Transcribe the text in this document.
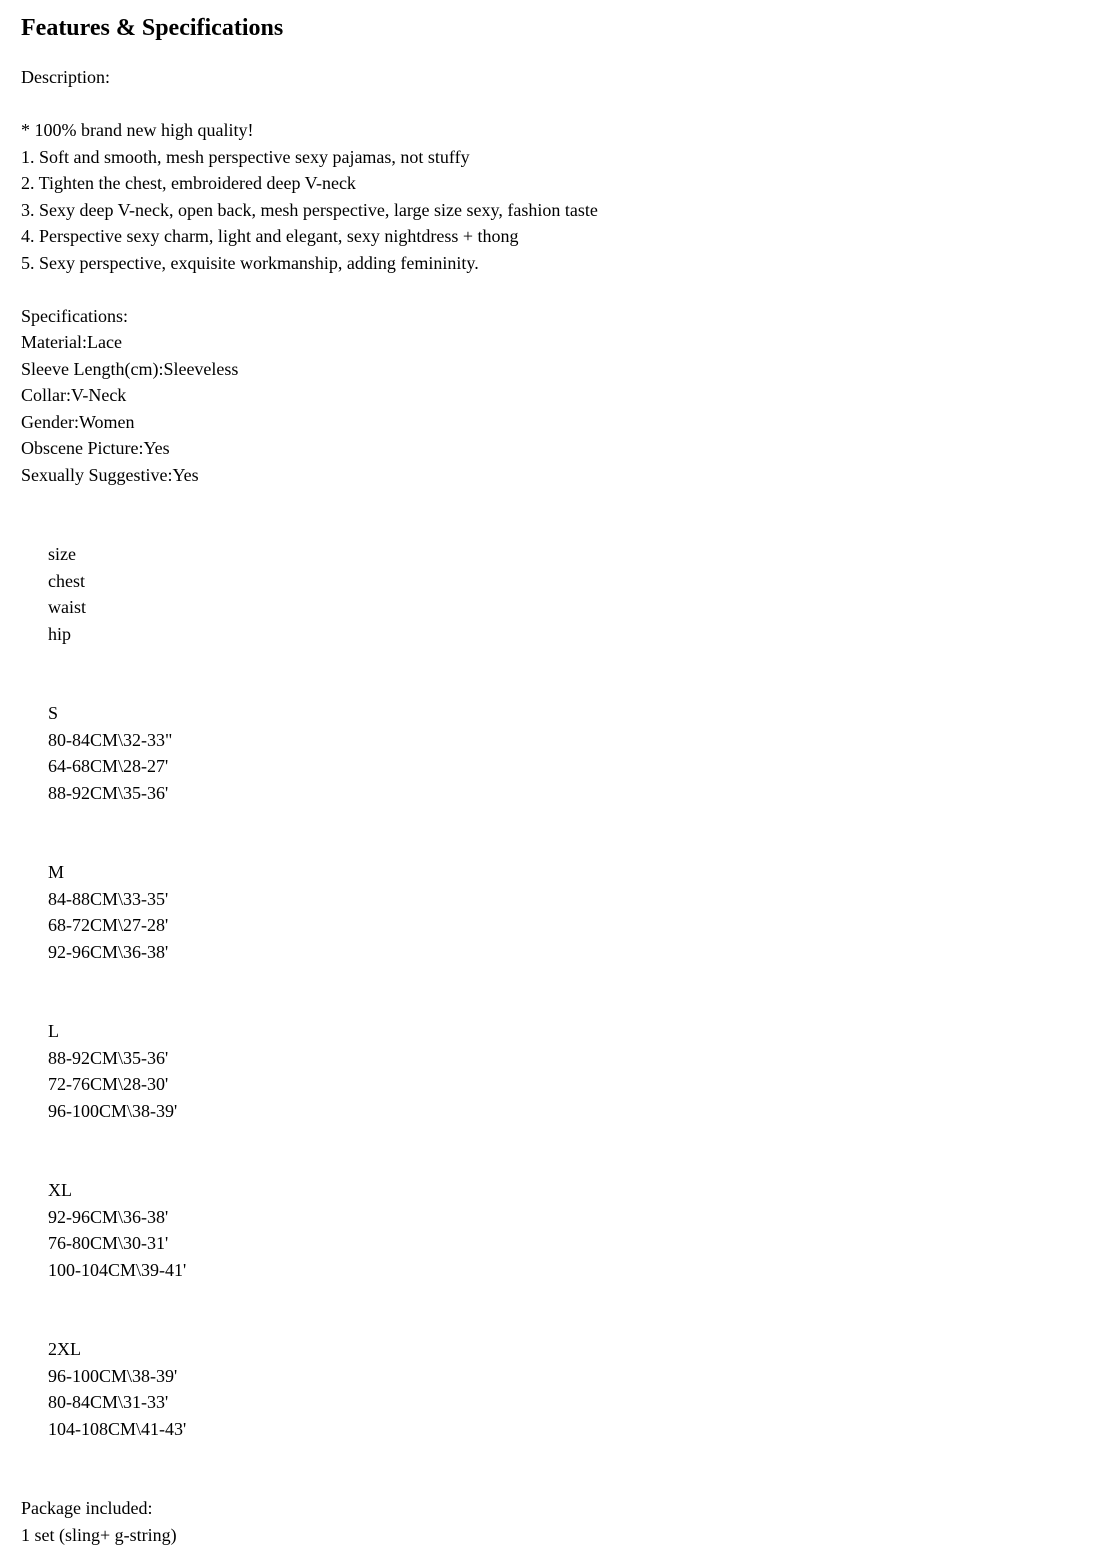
Features & Specifications
Description:
* 100% brand new high quality!
1. Soft and smooth, mesh perspective sexy pajamas, not stuffy
2. Tighten the chest, embroidered deep V-neck
3. Sexy deep V-neck, open back, mesh perspective, large size sexy, fashion taste
4. Perspective sexy charm, light and elegant, sexy nightdress + thong
5. Sexy perspective, exquisite workmanship, adding femininity.
Specifications:
Material:Lace
Sleeve Length(cm):Sleeveless
Collar:V-Neck
Gender:Women
Obscene Picture:Yes
Sexually Suggestive:Yes

size
chest
waist
hip

S
80-84CM\32-33"
64-68CM\28-27'
88-92CM\35-36'

M
84-88CM\33-35'
68-72CM\27-28'
92-96CM\36-38'

L
88-92CM\35-36'
72-76CM\28-30'
96-100CM\38-39'

XL
92-96CM\36-38'
76-80CM\30-31'
100-104CM\39-41'

2XL
96-100CM\38-39'
80-84CM\31-33'
104-108CM\41-43'

Package included:
1 set (sling+ g-string)
